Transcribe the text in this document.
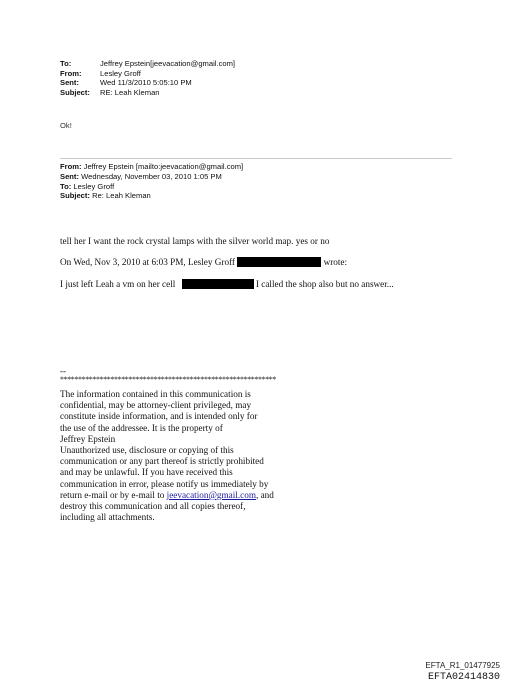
To:	Jeffrey Epstein[jeevacation@gmail.com]
From:	Lesley Groff
Sent:	Wed 11/3/2010 5:05:10 PM
Subject:	RE: Leah Kleman
Ok!
From: Jeffrey Epstein [mailto:jeevacation@gmail.com]
Sent: Wednesday, November 03, 2010 1:05 PM
To: Lesley Groff
Subject: Re: Leah Kleman
tell her I want the rock crystal lamps with the silver world map. yes or no
On Wed, Nov 3, 2010 at 6:03 PM, Lesley Groff	wrote:
I just left Leah a vm on her cell	I called the shop also but no answer...
--
************************************************************
The information contained in this communication is
confidential, may be attorney-client privileged, may
constitute inside information, and is intended only for
the use of the addressee. It is the property of
Jeffrey Epstein
Unauthorized use, disclosure or copying of this
communication or any part thereof is strictly prohibited
and may be unlawful. If you have received this
communication in error, please notify us immediately by
return e-mail or by e-mail to jeevacation@gmail.com, and
destroy this communication and all copies thereof,
including all attachments.
EFTA_R1_01477925
EFTA02414830
